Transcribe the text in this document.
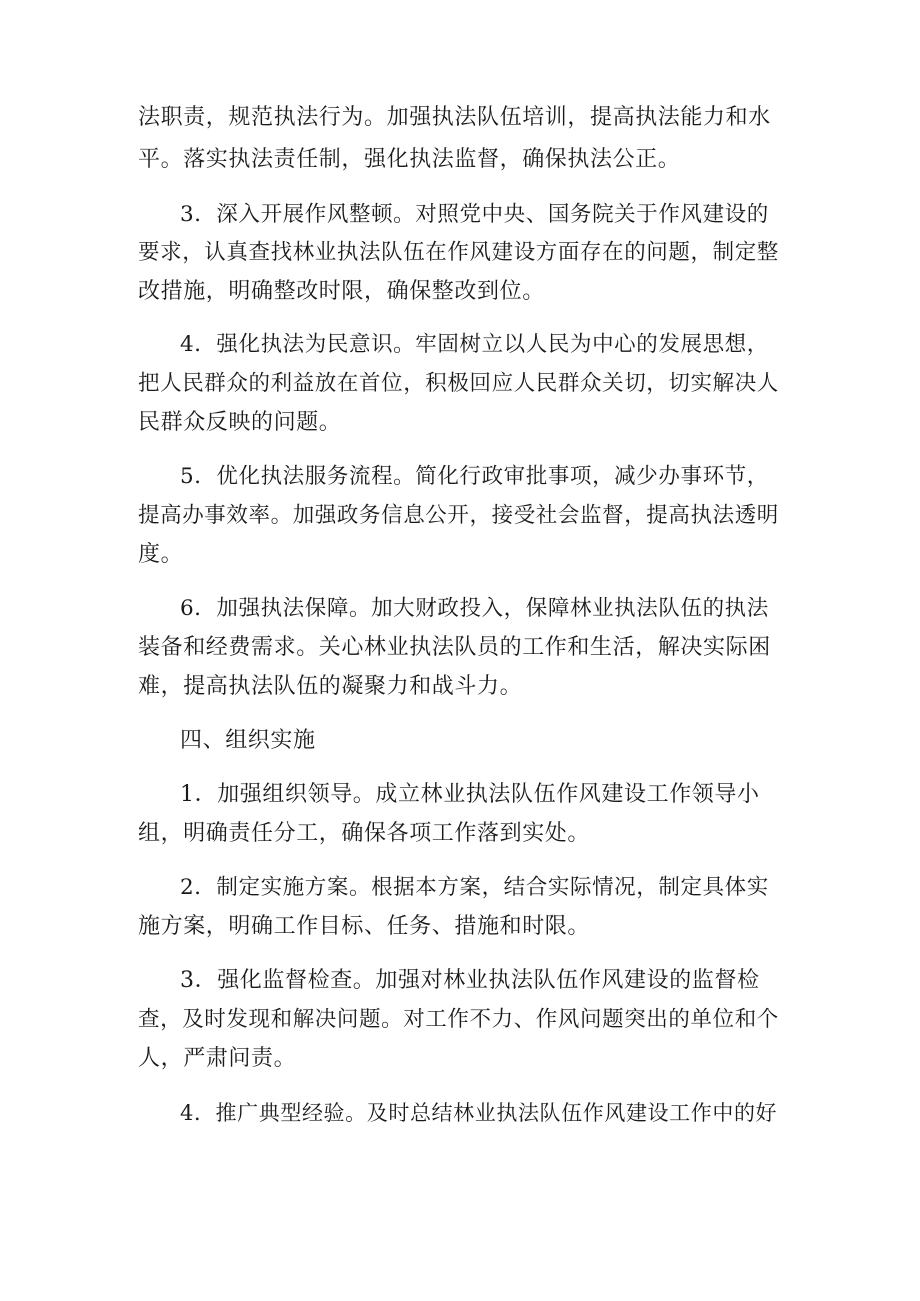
法职责，规范执法行为。加强执法队伍培训，提高执法能力和水
平。落实执法责任制，强化执法监督，确保执法公正。
3．深入开展作风整顿。对照党中央、国务院关于作风建设的
要求，认真查找林业执法队伍在作风建设方面存在的问题，制定整
改措施，明确整改时限，确保整改到位。
4．强化执法为民意识。牢固树立以人民为中心的发展思想，
把人民群众的利益放在首位，积极回应人民群众关切，切实解决人
民群众反映的问题。
5．优化执法服务流程。简化行政审批事项，减少办事环节，
提高办事效率。加强政务信息公开，接受社会监督，提高执法透明
度。
6．加强执法保障。加大财政投入，保障林业执法队伍的执法
装备和经费需求。关心林业执法队员的工作和生活，解决实际困
难，提高执法队伍的凝聚力和战斗力。
四、组织实施
1．加强组织领导。成立林业执法队伍作风建设工作领导小
组，明确责任分工，确保各项工作落到实处。
2．制定实施方案。根据本方案，结合实际情况，制定具体实
施方案，明确工作目标、任务、措施和时限。
3．强化监督检查。加强对林业执法队伍作风建设的监督检
查，及时发现和解决问题。对工作不力、作风问题突出的单位和个
人，严肃问责。
4．推广典型经验。及时总结林业执法队伍作风建设工作中的好
